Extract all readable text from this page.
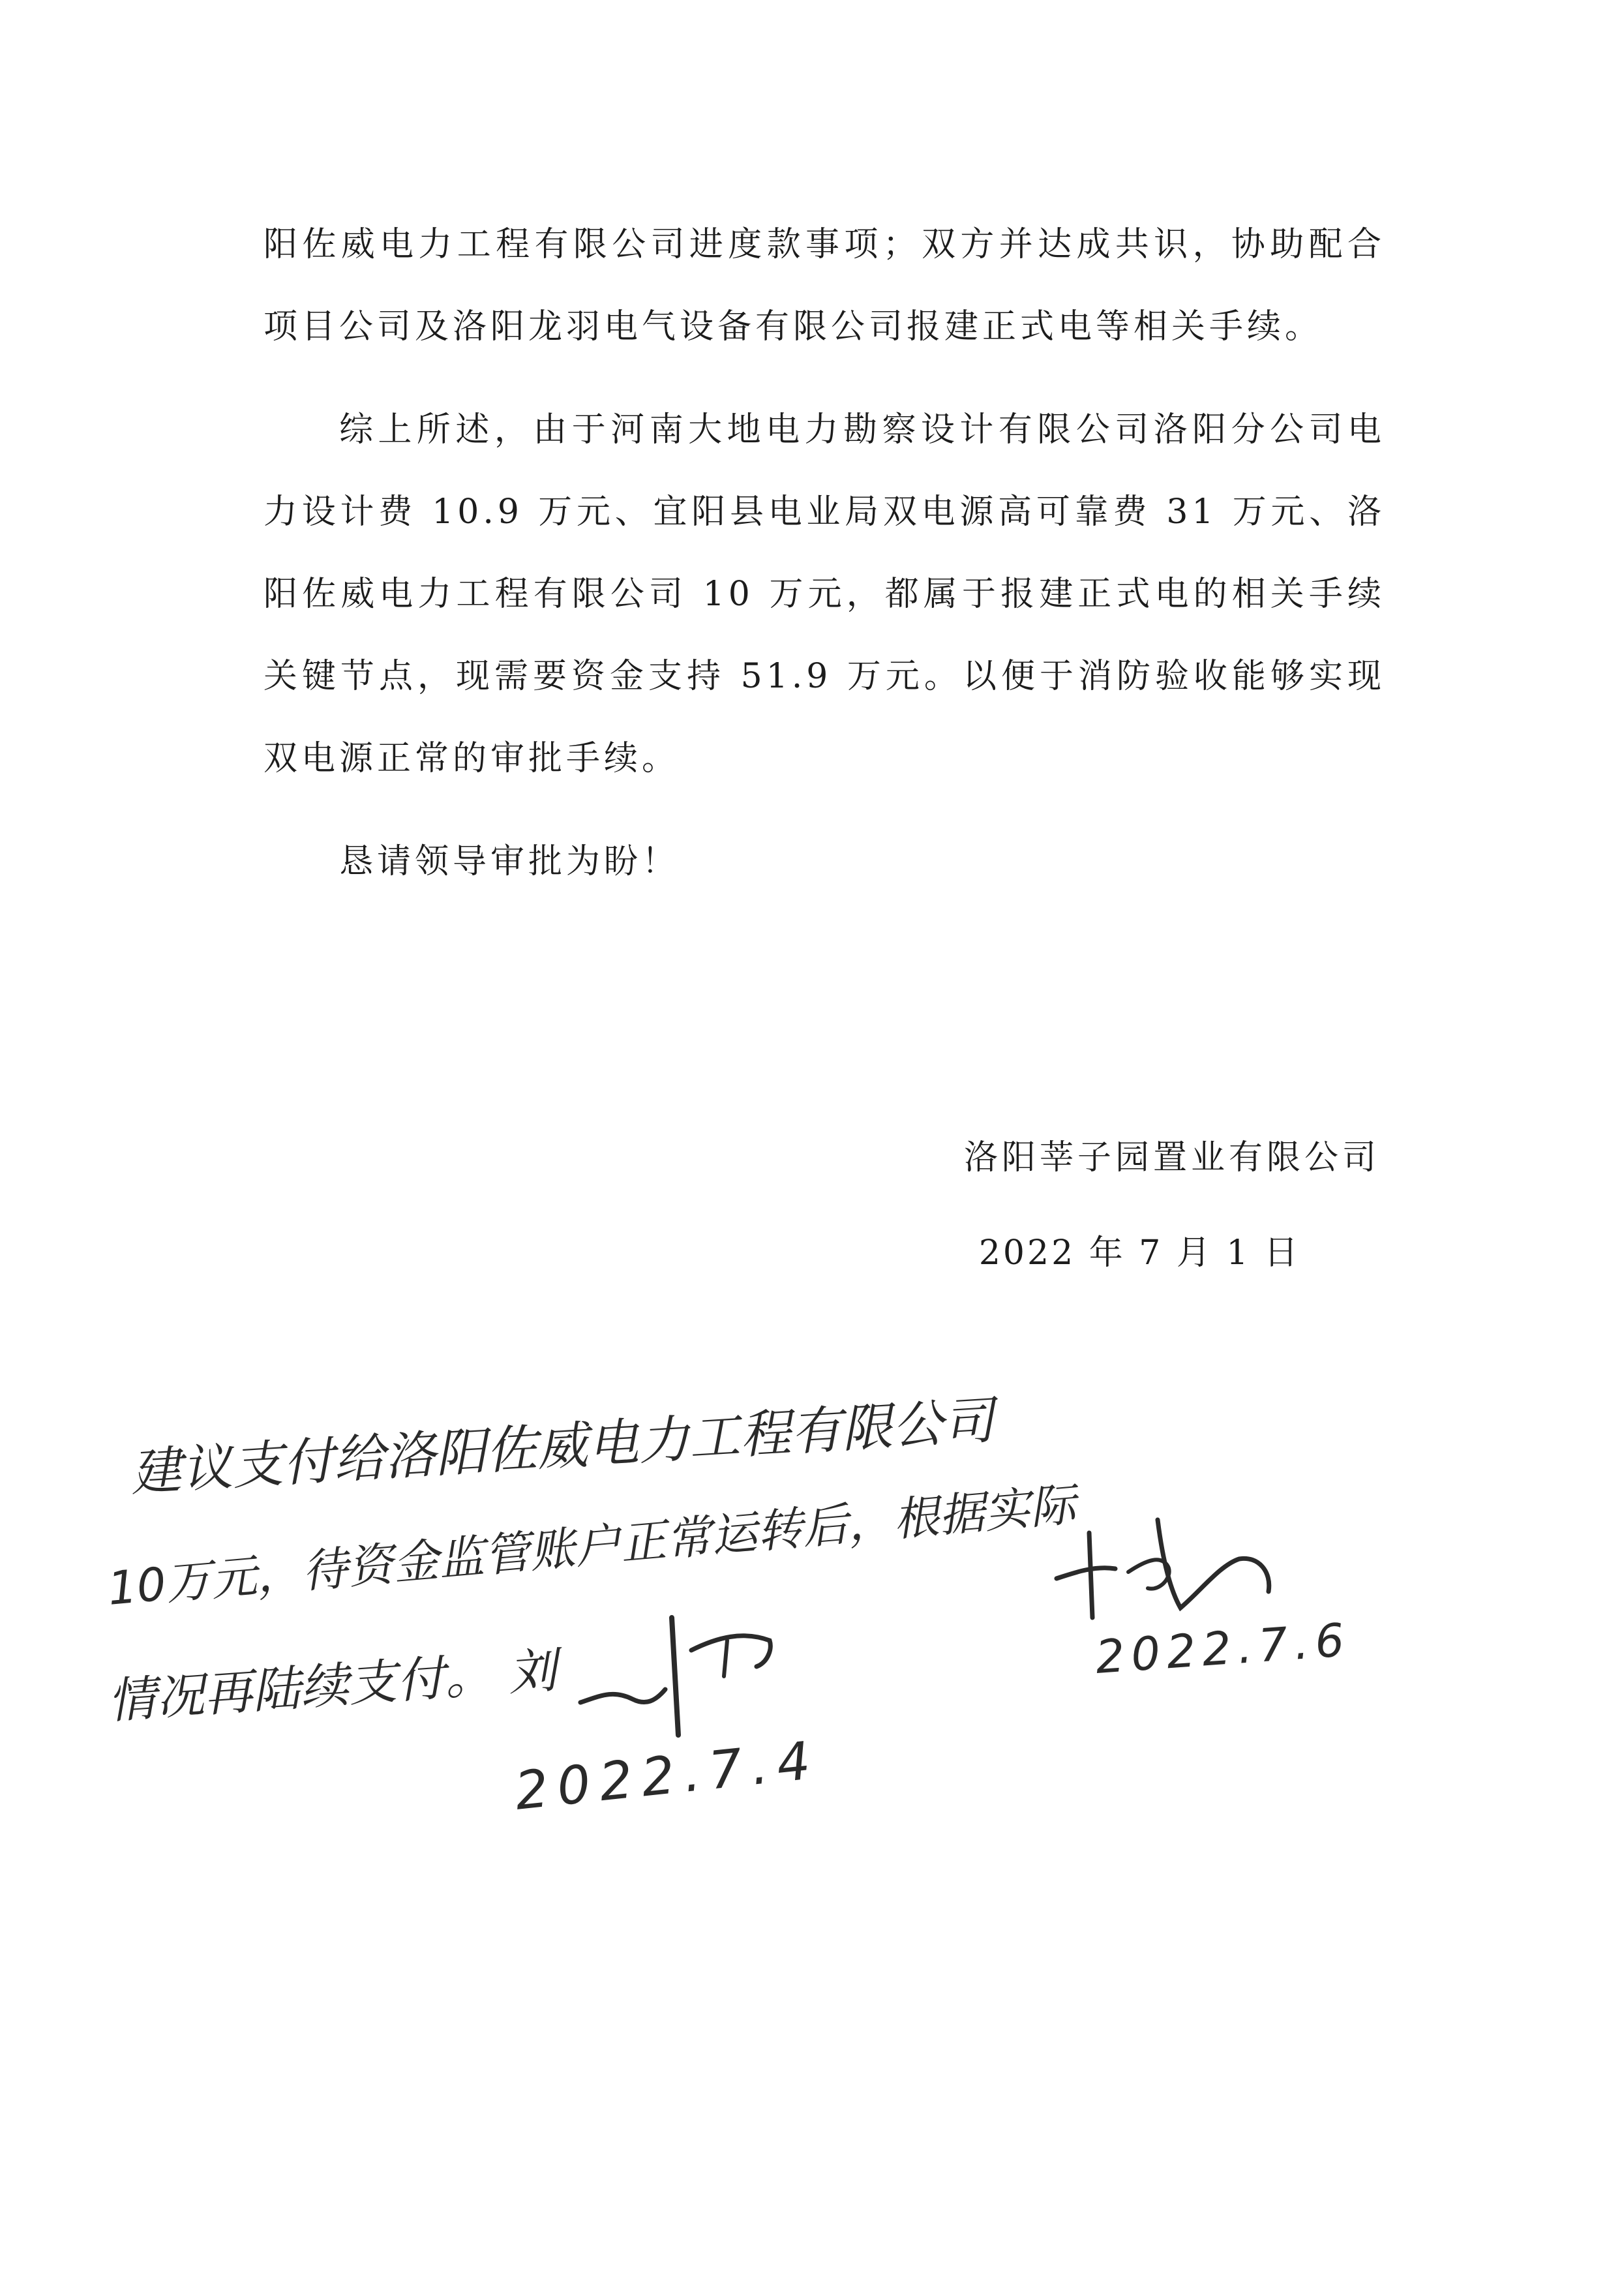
阳佐威电力工程有限公司进度款事项；双方并达成共识，协助配合项目公司及洛阳龙羽电气设备有限公司报建正式电等相关手续。

综上所述，由于河南大地电力勘察设计有限公司洛阳分公司电力设计费 10.9 万元、宜阳县电业局双电源高可靠费 31 万元、洛阳佐威电力工程有限公司 10 万元，都属于报建正式电的相关手续关键节点，现需要资金支持 51.9 万元。以便于消防验收能够实现双电源正常的审批手续。

恳请领导审批为盼！

洛阳莘子园置业有限公司
2022 年 7 月 1 日
建议支付给洛阳佐威电力工程有限公司
10万元，待资金监管账户正常运转后，根据实际
情况再陆续支付。 刘
2022.7.4
2022.7.6
